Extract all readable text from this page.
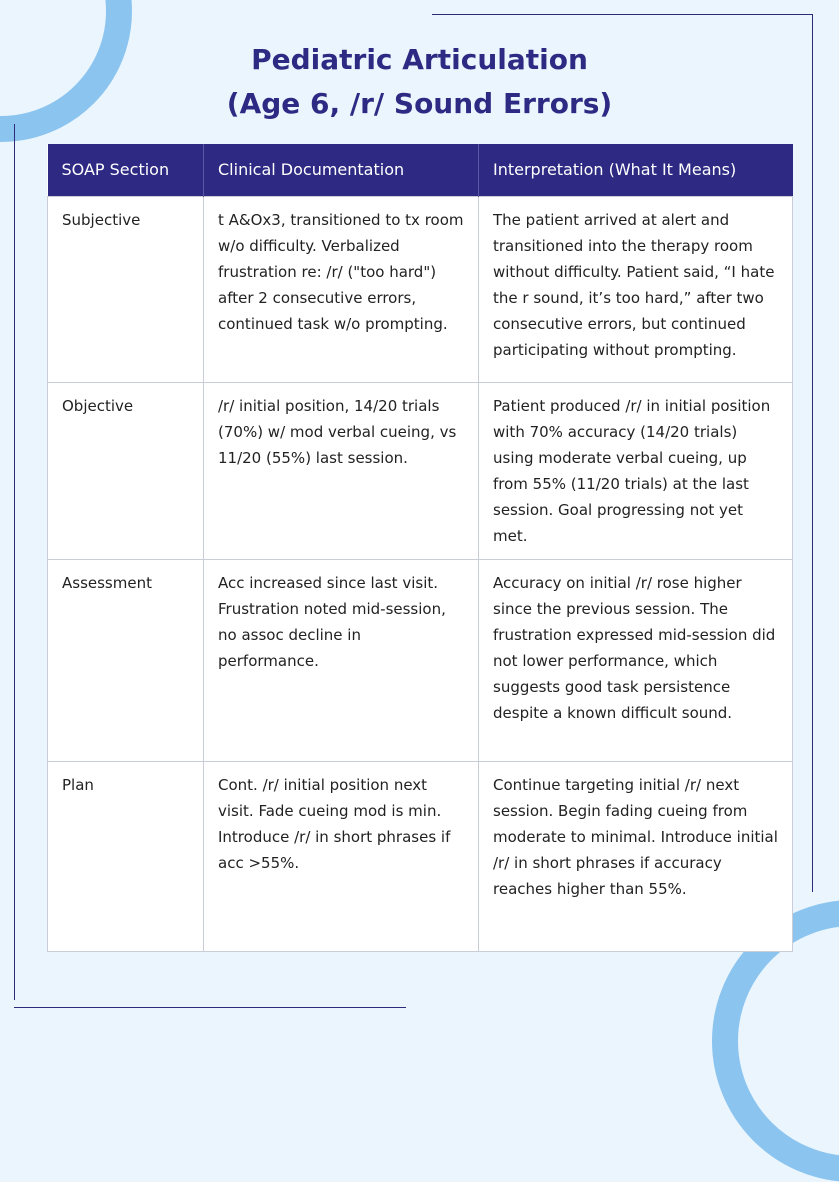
Pediatric Articulation
(Age 6, /r/ Sound Errors)
SOAP Section	Clinical Documentation	Interpretation (What It Means)
Subjective	t A&Ox3, transitioned to tx room w/o difficulty. Verbalized frustration re: /r/ ("too hard") after 2 consecutive errors, continued task w/o prompting.	The patient arrived at alert and transitioned into the therapy room without difficulty. Patient said, “I hate the r sound, it’s too hard,” after two consecutive errors, but continued participating without prompting.
Objective	/r/ initial position, 14/20 trials (70%) w/ mod verbal cueing, vs 11/20 (55%) last session.	Patient produced /r/ in initial position with 70% accuracy (14/20 trials) using moderate verbal cueing, up from 55% (11/20 trials) at the last session. Goal progressing not yet met.
Assessment	Acc increased since last visit. Frustration noted mid-session, no assoc decline in performance.	Accuracy on initial /r/ rose higher since the previous session. The frustration expressed mid-session did not lower performance, which suggests good task persistence despite a known difficult sound.
Plan	Cont. /r/ initial position next visit. Fade cueing mod is min. Introduce /r/ in short phrases if acc >55%.	Continue targeting initial /r/ next session. Begin fading cueing from moderate to minimal. Introduce initial /r/ in short phrases if accuracy reaches higher than 55%.
